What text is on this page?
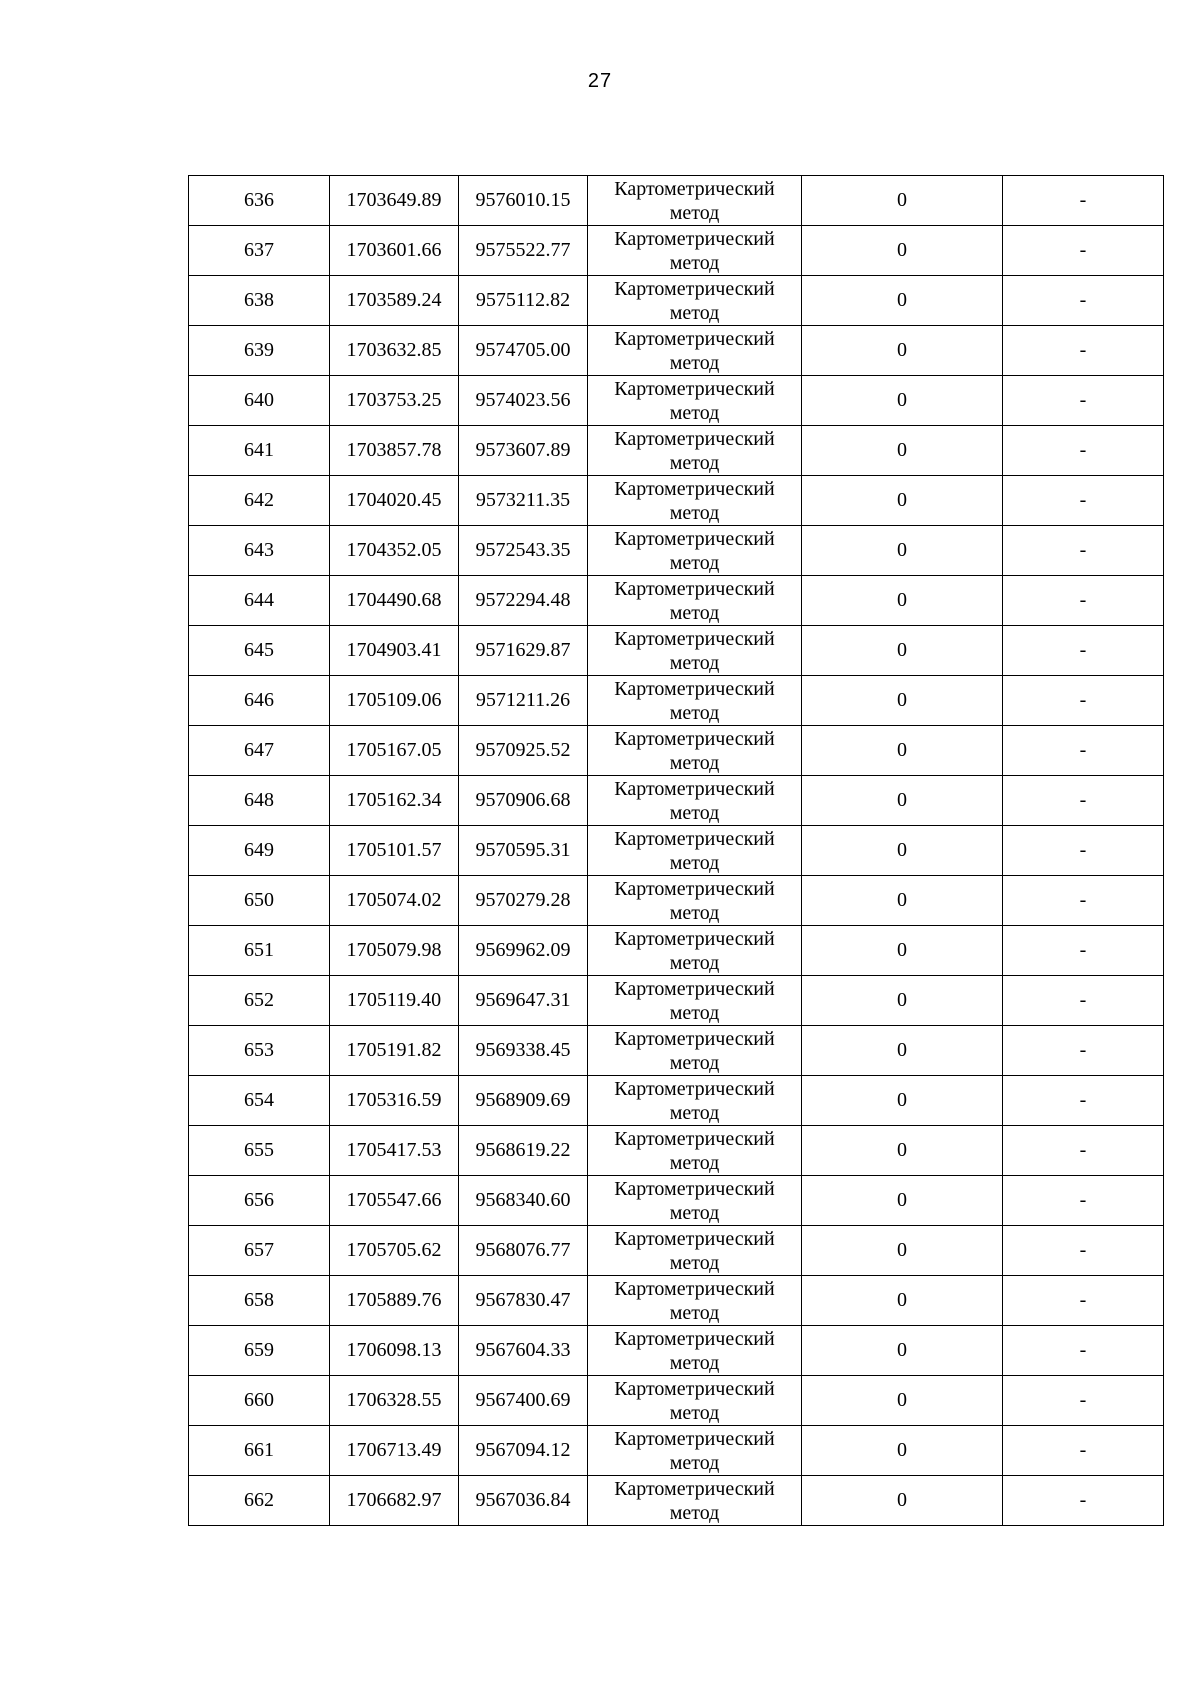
27
636	1703649.89	9576010.15	Картометрический
метод	0	-
637	1703601.66	9575522.77	Картометрический
метод	0	-
638	1703589.24	9575112.82	Картометрический
метод	0	-
639	1703632.85	9574705.00	Картометрический
метод	0	-
640	1703753.25	9574023.56	Картометрический
метод	0	-
641	1703857.78	9573607.89	Картометрический
метод	0	-
642	1704020.45	9573211.35	Картометрический
метод	0	-
643	1704352.05	9572543.35	Картометрический
метод	0	-
644	1704490.68	9572294.48	Картометрический
метод	0	-
645	1704903.41	9571629.87	Картометрический
метод	0	-
646	1705109.06	9571211.26	Картометрический
метод	0	-
647	1705167.05	9570925.52	Картометрический
метод	0	-
648	1705162.34	9570906.68	Картометрический
метод	0	-
649	1705101.57	9570595.31	Картометрический
метод	0	-
650	1705074.02	9570279.28	Картометрический
метод	0	-
651	1705079.98	9569962.09	Картометрический
метод	0	-
652	1705119.40	9569647.31	Картометрический
метод	0	-
653	1705191.82	9569338.45	Картометрический
метод	0	-
654	1705316.59	9568909.69	Картометрический
метод	0	-
655	1705417.53	9568619.22	Картометрический
метод	0	-
656	1705547.66	9568340.60	Картометрический
метод	0	-
657	1705705.62	9568076.77	Картометрический
метод	0	-
658	1705889.76	9567830.47	Картометрический
метод	0	-
659	1706098.13	9567604.33	Картометрический
метод	0	-
660	1706328.55	9567400.69	Картометрический
метод	0	-
661	1706713.49	9567094.12	Картометрический
метод	0	-
662	1706682.97	9567036.84	Картометрический
метод	0	-
